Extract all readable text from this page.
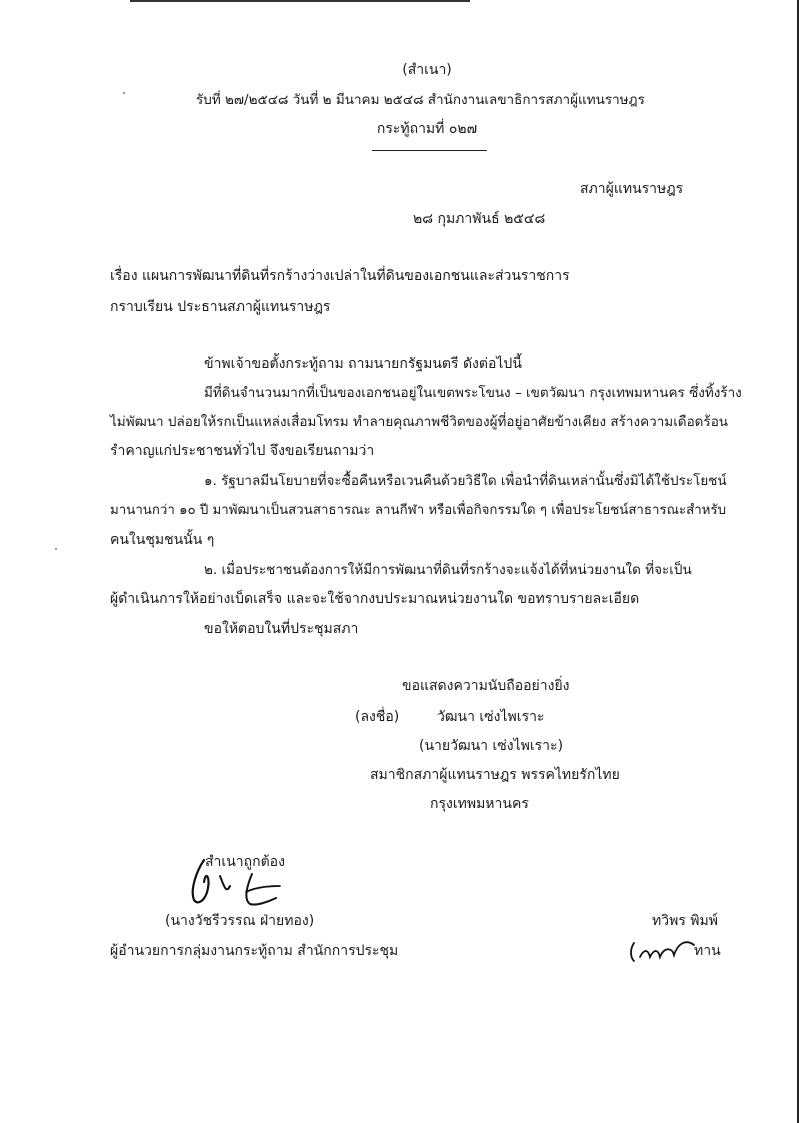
(สำเนา)
รับที่ ๒๗/๒๕๔๘ วันที่ ๒ มีนาคม ๒๕๔๘ สำนักงานเลขาธิการสภาผู้แทนราษฎร
กระทู้ถามที่ ๐๒๗
สภาผู้แทนราษฎร
๒๘ กุมภาพันธ์ ๒๕๔๘
เรื่อง แผนการพัฒนาที่ดินที่รกร้างว่างเปล่าในที่ดินของเอกชนและส่วนราชการ
กราบเรียน ประธานสภาผู้แทนราษฎร
ข้าพเจ้าขอตั้งกระทู้ถาม ถามนายกรัฐมนตรี ดังต่อไปนี้
มีที่ดินจำนวนมากที่เป็นของเอกชนอยู่ในเขตพระโขนง – เขตวัฒนา กรุงเทพมหานคร ซึ่งทิ้งร้าง
ไม่พัฒนา ปล่อยให้รกเป็นแหล่งเสื่อมโทรม ทำลายคุณภาพชีวิตของผู้ที่อยู่อาศัยข้างเคียง สร้างความเดือดร้อน
รำคาญแก่ประชาชนทั่วไป จึงขอเรียนถามว่า
๑. รัฐบาลมีนโยบายที่จะซื้อคืนหรือเวนคืนด้วยวิธีใด เพื่อนำที่ดินเหล่านั้นซึ่งมิได้ใช้ประโยชน์
มานานกว่า ๑๐ ปี มาพัฒนาเป็นสวนสาธารณะ ลานกีฬา หรือเพื่อกิจกรรมใด ๆ เพื่อประโยชน์สาธารณะสำหรับ
คนในชุมชนนั้น ๆ
๒. เมื่อประชาชนต้องการให้มีการพัฒนาที่ดินที่รกร้างจะแจ้งได้ที่หน่วยงานใด ที่จะเป็น
ผู้ดำเนินการให้อย่างเบ็ดเสร็จ และจะใช้จากงบประมาณหน่วยงานใด ขอทราบรายละเอียด
ขอให้ตอบในที่ประชุมสภา
ขอแสดงความนับถืออย่างยิ่ง
(ลงชื่อ)	วัฒนา เซ่งไพเราะ
(นายวัฒนา เซ่งไพเราะ)
สมาชิกสภาผู้แทนราษฎร พรรคไทยรักไทย
กรุงเทพมหานคร
สำเนาถูกต้อง
(นางวัชรีวรรณ ฝ่ายทอง)
ผู้อำนวยการกลุ่มงานกระทู้ถาม สำนักการประชุม
ทวิพร พิมพ์
ทาน
